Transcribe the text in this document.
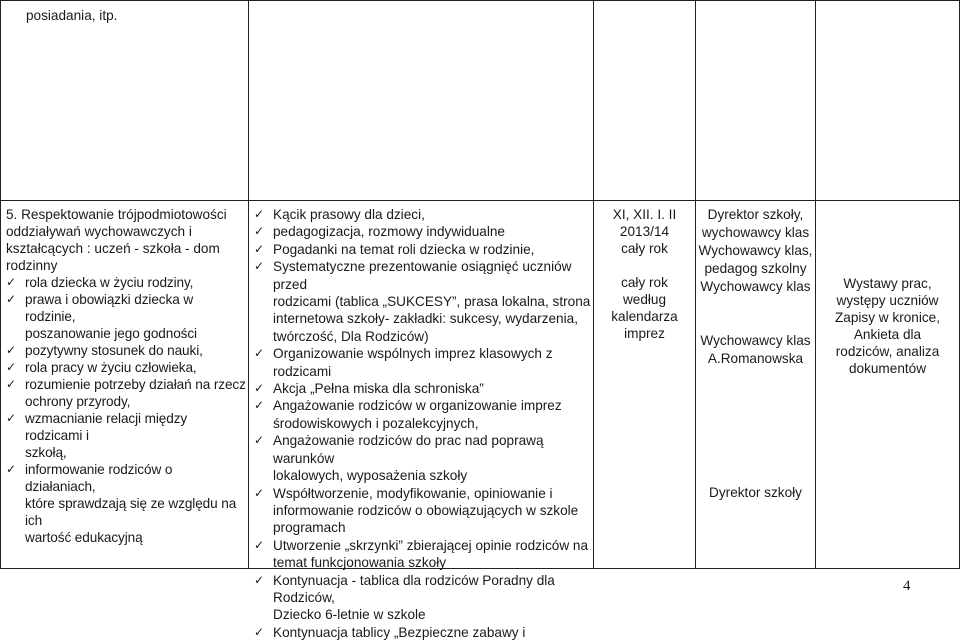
posiadania, itp.
5. Respektowanie trójpodmiotowości
oddziaływań wychowawczych i
kształcących : uczeń - szkoła - dom
rodzinny
✓ rola dziecka w życiu rodziny,
✓ prawa i obowiązki dziecka w rodzinie,
poszanowanie jego godności
✓ pozytywny stosunek do nauki,
✓ rola pracy w życiu człowieka,
✓ rozumienie potrzeby działań na rzecz
ochrony przyrody,
✓ wzmacnianie relacji między rodzicami i
szkołą,
✓ informowanie rodziców o działaniach,
które sprawdzają się ze względu na ich
wartość edukacyjną
✓ Kącik prasowy dla dzieci,
✓ pedagogizacja, rozmowy indywidualne
✓ Pogadanki na temat roli dziecka w rodzinie,
✓ Systematyczne prezentowanie osiągnięć uczniów przed
rodzicami (tablica „SUKCESY”, prasa lokalna, strona
internetowa szkoły- zakładki: sukcesy, wydarzenia,
twórczość, Dla Rodziców)
✓ Organizowanie wspólnych imprez klasowych z rodzicami
✓ Akcja „Pełna miska dla schroniska”
✓ Angażowanie rodziców w organizowanie imprez
środowiskowych i pozalekcyjnych,
✓ Angażowanie rodziców do prac nad poprawą warunków
lokalowych, wyposażenia szkoły
✓ Współtworzenie, modyfikowanie, opiniowanie i
informowanie rodziców o obowiązujących w szkole
programach
✓ Utworzenie „skrzynki” zbierającej opinie rodziców na
temat funkcjonowania szkoły
✓ Kontynuacja - tablica dla rodziców Poradny dla Rodziców,
Dziecko 6-letnie w szkole
✓ Kontynuacja tablicy „Bezpieczne zabawy i
XI, XII. I. II
2013/14
cały rok
cały rok
według
kalendarza
imprez
Dyrektor szkoły,
wychowawcy klas
Wychowawcy klas,
pedagog szkolny
Wychowawcy klas
Wychowawcy klas
A.Romanowska
Dyrektor szkoły
Wystawy prac,
występy uczniów
Zapisy w kronice,
Ankieta dla
rodziców, analiza
dokumentów
4
